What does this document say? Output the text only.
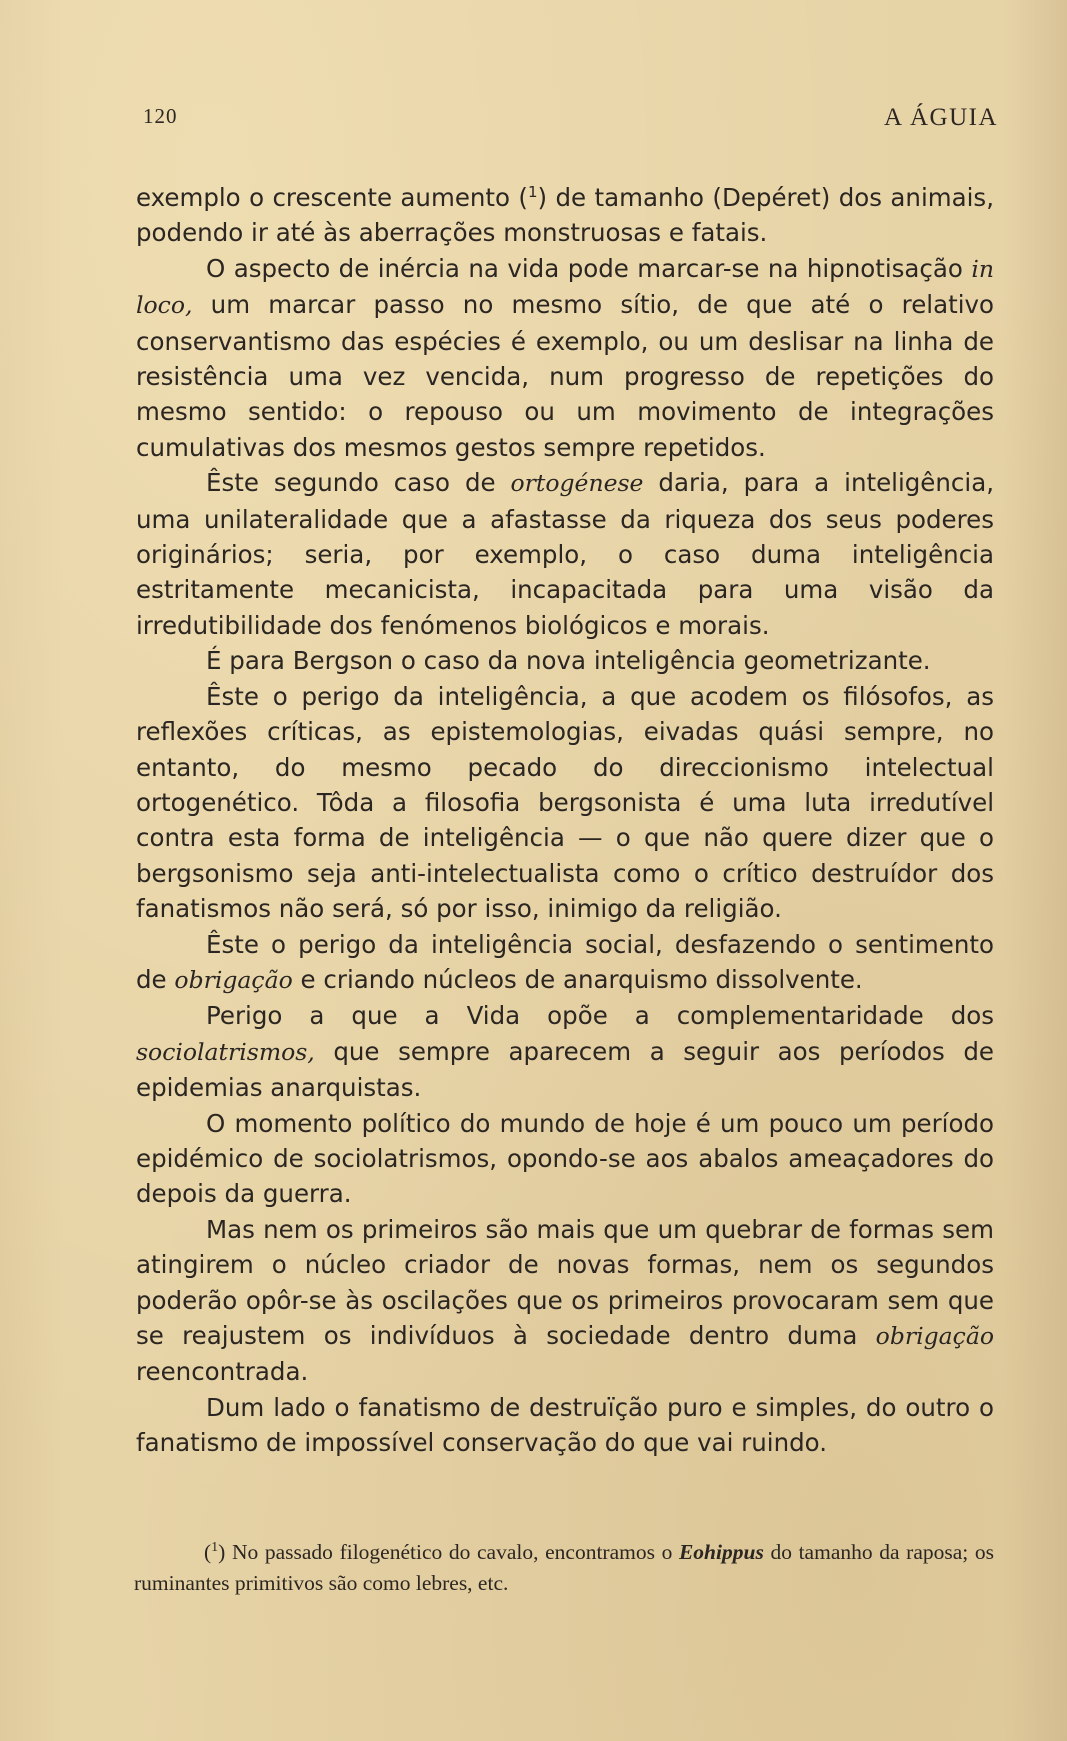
120	A ÁGUIA

exemplo o crescente aumento ($^1$) de tamanho (Depéret) dos animais, podendo ir até às aberrações monstruosas e fatais.

O aspecto de inércia na vida pode marcar-se na hipnotisação in loco, um marcar passo no mesmo sítio, de que até o relativo conservantismo das espécies é exemplo, ou um deslisar na linha de resistência uma vez vencida, num progresso de repetições do mesmo sentido: o repouso ou um movimento de integrações cumulativas dos mesmos gestos sempre repetidos.

Êste segundo caso de ortogénese daria, para a inteligência, uma unilateralidade que a afastasse da riqueza dos seus poderes originários; seria, por exemplo, o caso duma inteligência estritamente mecanicista, incapacitada para uma visão da irredutibilidade dos fenómenos biológicos e morais.

É para Bergson o caso da nova inteligência geometrizante.

Êste o perigo da inteligência, a que acodem os filósofos, as reflexões críticas, as epistemologias, eivadas quási sempre, no entanto, do mesmo pecado do direccionismo intelectual ortogenético. Tôda a filosofia bergsonista é uma luta irredutível contra esta forma de inteligência — o que não quere dizer que o bergsonismo seja anti-intelectualista como o crítico destruídor dos fanatismos não será, só por isso, inimigo da religião.

Êste o perigo da inteligência social, desfazendo o sentimento de obrigação e criando núcleos de anarquismo dissolvente.

Perigo a que a Vida opõe a complementaridade dos sociolatrismos, que sempre aparecem a seguir aos períodos de epidemias anarquistas.

O momento político do mundo de hoje é um pouco um período epidémico de sociolatrismos, opondo-se aos abalos ameaçadores do depois da guerra.

Mas nem os primeiros são mais que um quebrar de formas sem atingirem o núcleo criador de novas formas, nem os segundos poderão opôr-se às oscilações que os primeiros provocaram sem que se reajustem os indivíduos à sociedade dentro duma obrigação reencontrada.

Dum lado o fanatismo de destruïção puro e simples, do outro o fanatismo de impossível conservação do que vai ruindo.

($^1$) No passado filogenético do cavalo, encontramos o Eohippus do tamanho da raposa; os ruminantes primitivos são como lebres, etc.
